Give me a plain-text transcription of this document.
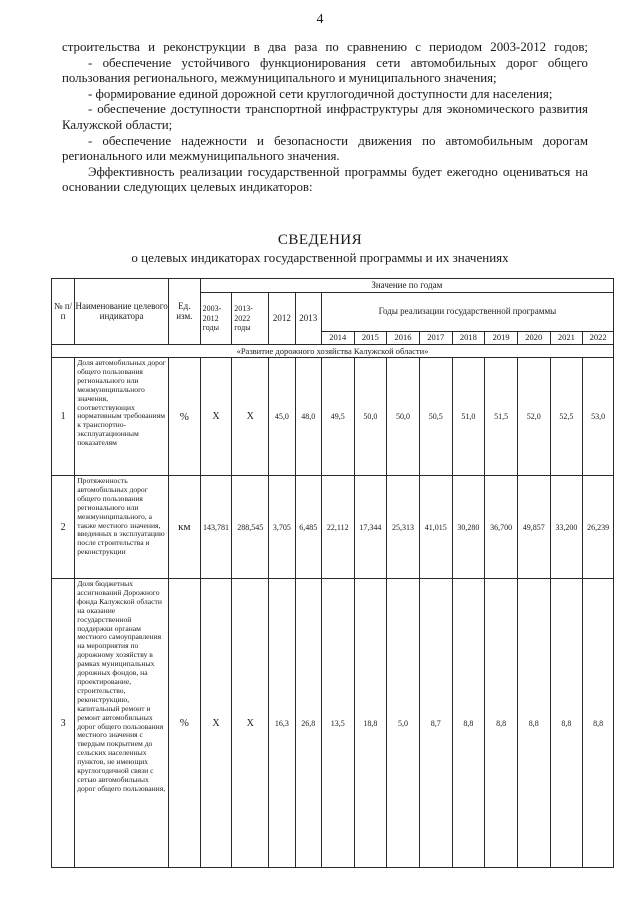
4

строительства и реконструкции в два раза по сравнению с периодом 2003-2012 годов;

- обеспечение устойчивого функционирования сети автомобильных дорог общего пользования регионального, межмуниципального и муниципального значения;

- формирование единой дорожной сети круглогодичной доступности для населения;

- обеспечение доступности транспортной инфраструктуры для экономического развития Калужской области;

- обеспечение надежности и безопасности движения по автомобильным дорогам регионального или межмуниципального значения.

Эффективность реализации государственной программы будет ежегодно оцениваться на основании следующих целевых индикаторов:

СВЕДЕНИЯ
о целевых индикаторах государственной программы и их значениях
№ п/п	Наименование целевого индикатора	Ед. изм.	Значение по годам												
			2003-2012 годы	2013-2022 годы	2012	2013	Годы реализации государственной программы								
							2014	2015	2016	2017	2018	2019	2020	2021	2022
«Развитие дорожного хозяйства Калужской области»															
1	Доля автомобильных дорог общего пользования регионального или межмуниципального значения, соответствующих нормативным требованиям к транспортно-эксплуатационным показателям	%	X	X	45,0	48,0	49,5	50,0	50,0	50,5	51,0	51,5	52,0	52,5	53,0
2	Протяженность автомобильных дорог общего пользования регионального или межмуниципального, а также местного значения, введенных в эксплуатацию после строительства и реконструкции	км	143,781	288,545	3,705	6,485	22,112	17,344	25,313	41,015	30,280	36,700	49,857	33,200	26,239
3	Доля бюджетных ассигнований Дорожного фонда Калужской области на оказание государственной поддержки органам местного самоуправления на мероприятия по дорожному хозяйству в рамках муниципальных дорожных фондов, на проектирование, строительство, реконструкцию, капитальный ремонт и ремонт автомобильных дорог общего пользования местного значения с твердым покрытием до сельских населенных пунктов, не имеющих круглогодичной связи с сетью автомобильных дорог общего пользования,	%	X	X	16,3	26,8	13,5	18,8	5,0	8,7	8,8	8,8	8,8	8,8	8,8
